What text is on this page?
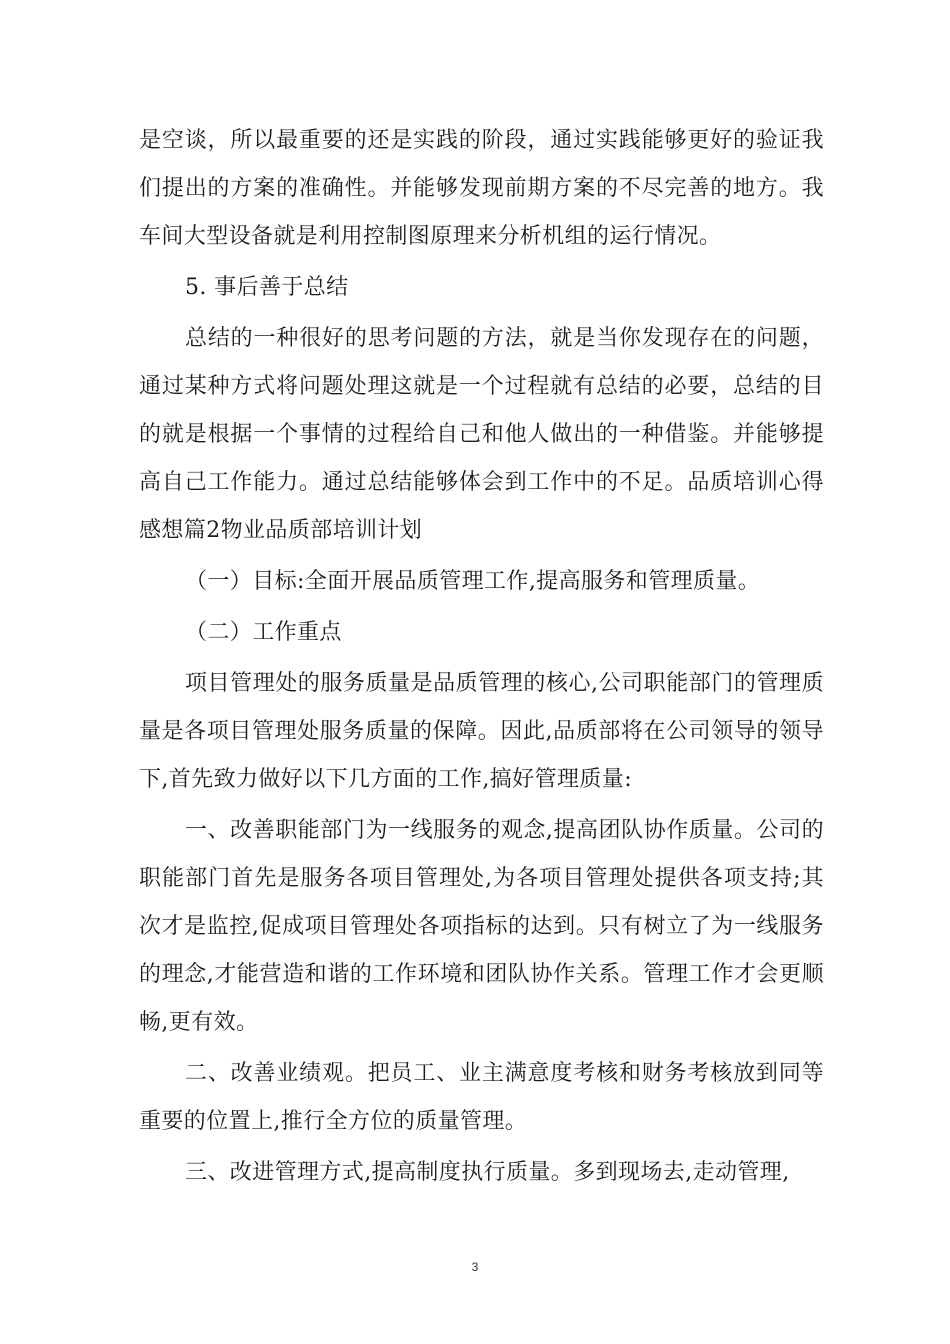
是空谈，所以最重要的还是实践的阶段，通过实践能够更好的验证我们提出的方案的准确性。并能够发现前期方案的不尽完善的地方。我车间大型设备就是利用控制图原理来分析机组的运行情况。

5. 事后善于总结

总结的一种很好的思考问题的方法，就是当你发现存在的问题，通过某种方式将问题处理这就是一个过程就有总结的必要，总结的目的就是根据一个事情的过程给自己和他人做出的一种借鉴。并能够提高自己工作能力。通过总结能够体会到工作中的不足。品质培训心得感想篇2物业品质部培训计划

（一）目标:全面开展品质管理工作,提高服务和管理质量。

（二）工作重点

项目管理处的服务质量是品质管理的核心,公司职能部门的管理质量是各项目管理处服务质量的保障。因此,品质部将在公司领导的领导下,首先致力做好以下几方面的工作,搞好管理质量:

一、改善职能部门为一线服务的观念,提高团队协作质量。公司的职能部门首先是服务各项目管理处,为各项目管理处提供各项支持;其次才是监控,促成项目管理处各项指标的达到。只有树立了为一线服务的理念,才能营造和谐的工作环境和团队协作关系。管理工作才会更顺畅,更有效。

二、改善业绩观。把员工、业主满意度考核和财务考核放到同等重要的位置上,推行全方位的质量管理。

三、改进管理方式,提高制度执行质量。多到现场去,走动管理,

3
